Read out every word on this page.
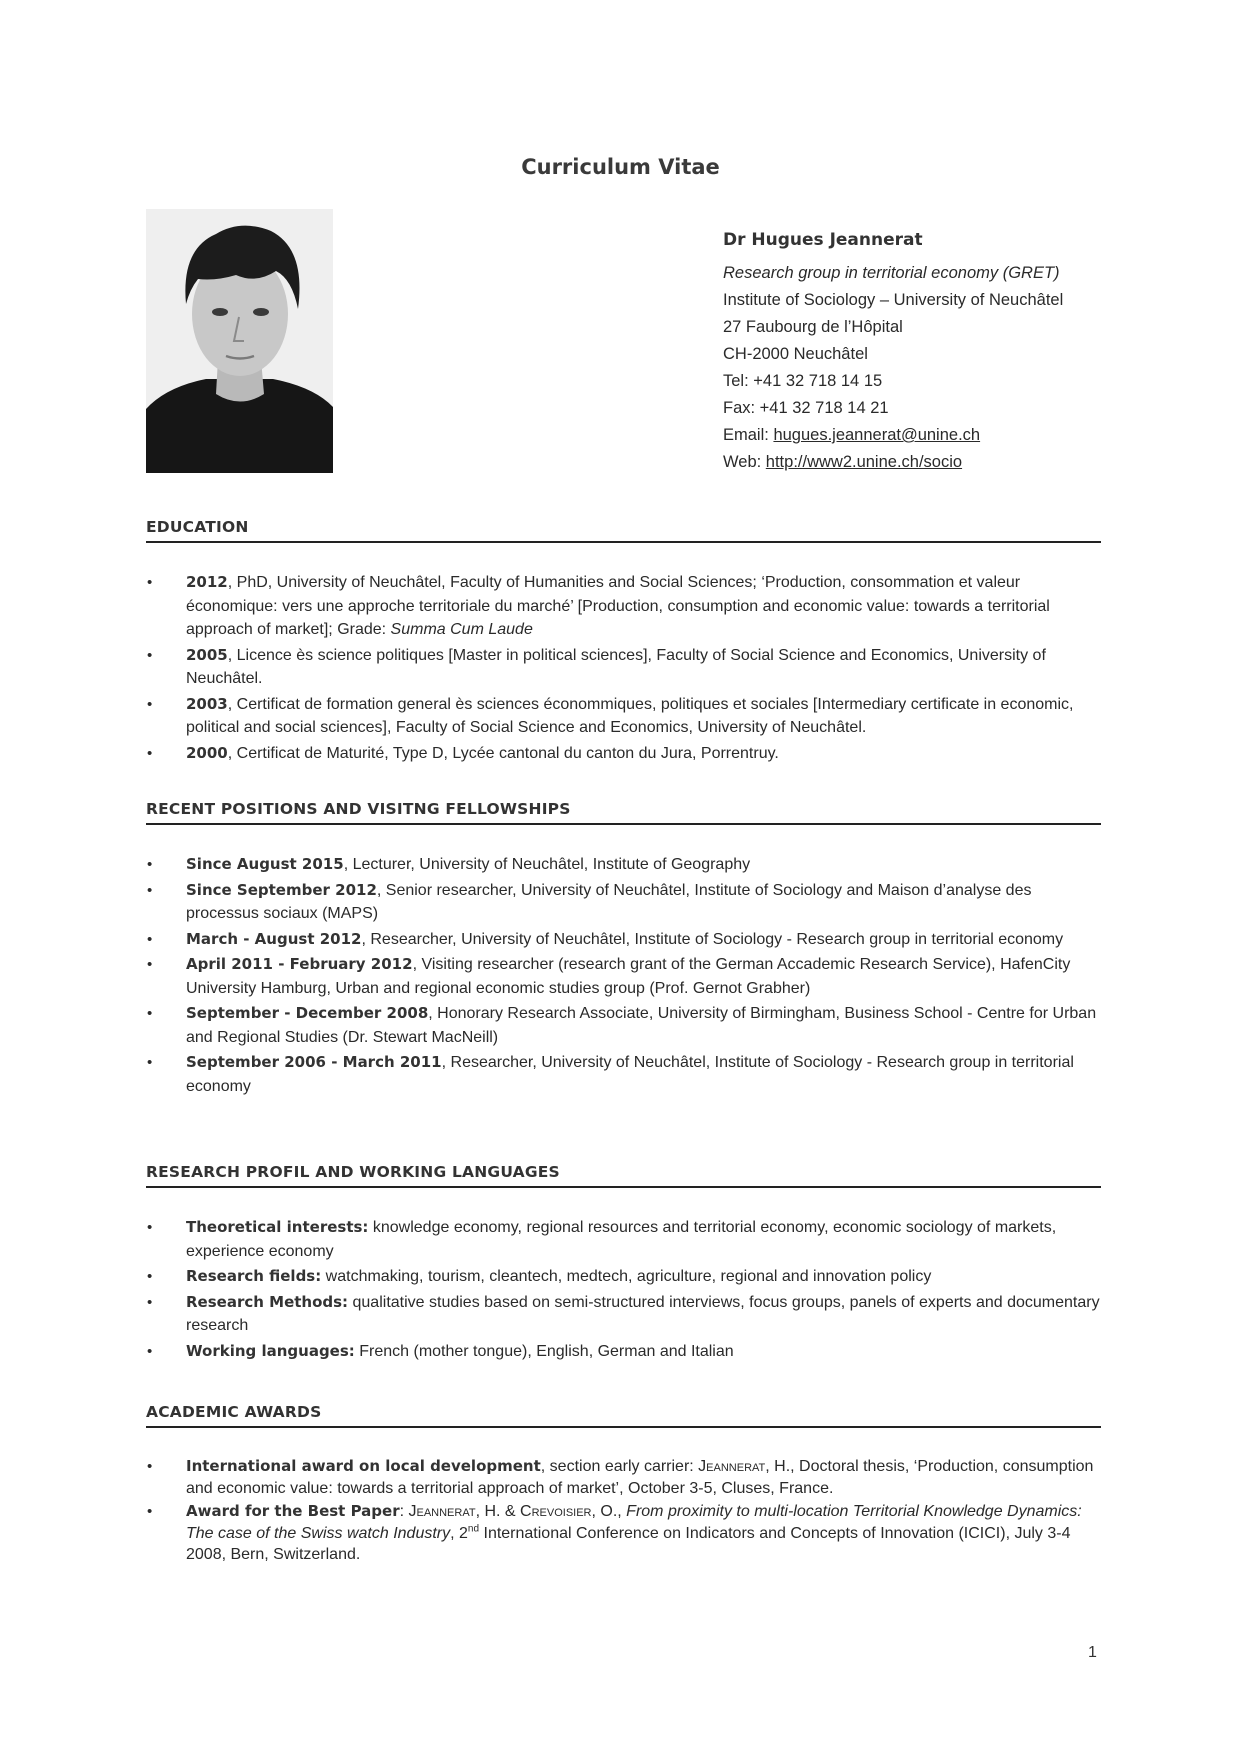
Curriculum Vitae
Dr Hugues Jeannerat
Research group in territorial economy (GRET)
Institute of Sociology – University of Neuchâtel
27 Faubourg de l’Hôpital
CH-2000 Neuchâtel
Tel: +41 32 718 14 15
Fax: +41 32 718 14 21
Email: hugues.jeannerat@unine.ch
Web: http://www2.unine.ch/socio
EDUCATION
• 2012, PhD, University of Neuchâtel, Faculty of Humanities and Social Sciences; ‘Production, consommation et valeur économique: vers une approche territoriale du marché’ [Production, consumption and economic value: towards a territorial approach of market]; Grade: Summa Cum Laude
• 2005, Licence ès science politiques [Master in political sciences], Faculty of Social Science and Economics, University of Neuchâtel.
• 2003, Certificat de formation general ès sciences économmiques, politiques et sociales [Intermediary certificate in economic, political and social sciences], Faculty of Social Science and Economics, University of Neuchâtel.
• 2000, Certificat de Maturité, Type D, Lycée cantonal du canton du Jura, Porrentruy.
RECENT POSITIONS AND VISITNG FELLOWSHIPS
• Since August 2015, Lecturer, University of Neuchâtel, Institute of Geography
• Since September 2012, Senior researcher, University of Neuchâtel, Institute of Sociology and Maison d’analyse des processus sociaux (MAPS)
• March - August 2012, Researcher, University of Neuchâtel, Institute of Sociology - Research group in territorial economy
• April 2011 - February 2012, Visiting researcher (research grant of the German Accademic Research Service), HafenCity University Hamburg, Urban and regional economic studies group (Prof. Gernot Grabher)
• September - December 2008, Honorary Research Associate, University of Birmingham, Business School - Centre for Urban and Regional Studies (Dr. Stewart MacNeill)
• September 2006 - March 2011, Researcher, University of Neuchâtel, Institute of Sociology - Research group in territorial economy
RESEARCH PROFIL AND WORKING LANGUAGES
• Theoretical interests: knowledge economy, regional resources and territorial economy, economic sociology of markets, experience economy
• Research fields: watchmaking, tourism, cleantech, medtech, agriculture, regional and innovation policy
• Research Methods: qualitative studies based on semi-structured interviews, focus groups, panels of experts and documentary research
• Working languages: French (mother tongue), English, German and Italian
ACADEMIC AWARDS
• International award on local development, section early carrier: Jeannerat, H., Doctoral thesis, ‘Production, consumption and economic value: towards a territorial approach of market’, October 3-5, Cluses, France.
• Award for the Best Paper: Jeannerat, H. & Crevoisier, O., From proximity to multi-location Territorial Knowledge Dynamics: The case of the Swiss watch Industry, 2nd International Conference on Indicators and Concepts of Innovation (ICICI), July 3-4 2008, Bern, Switzerland.
1
